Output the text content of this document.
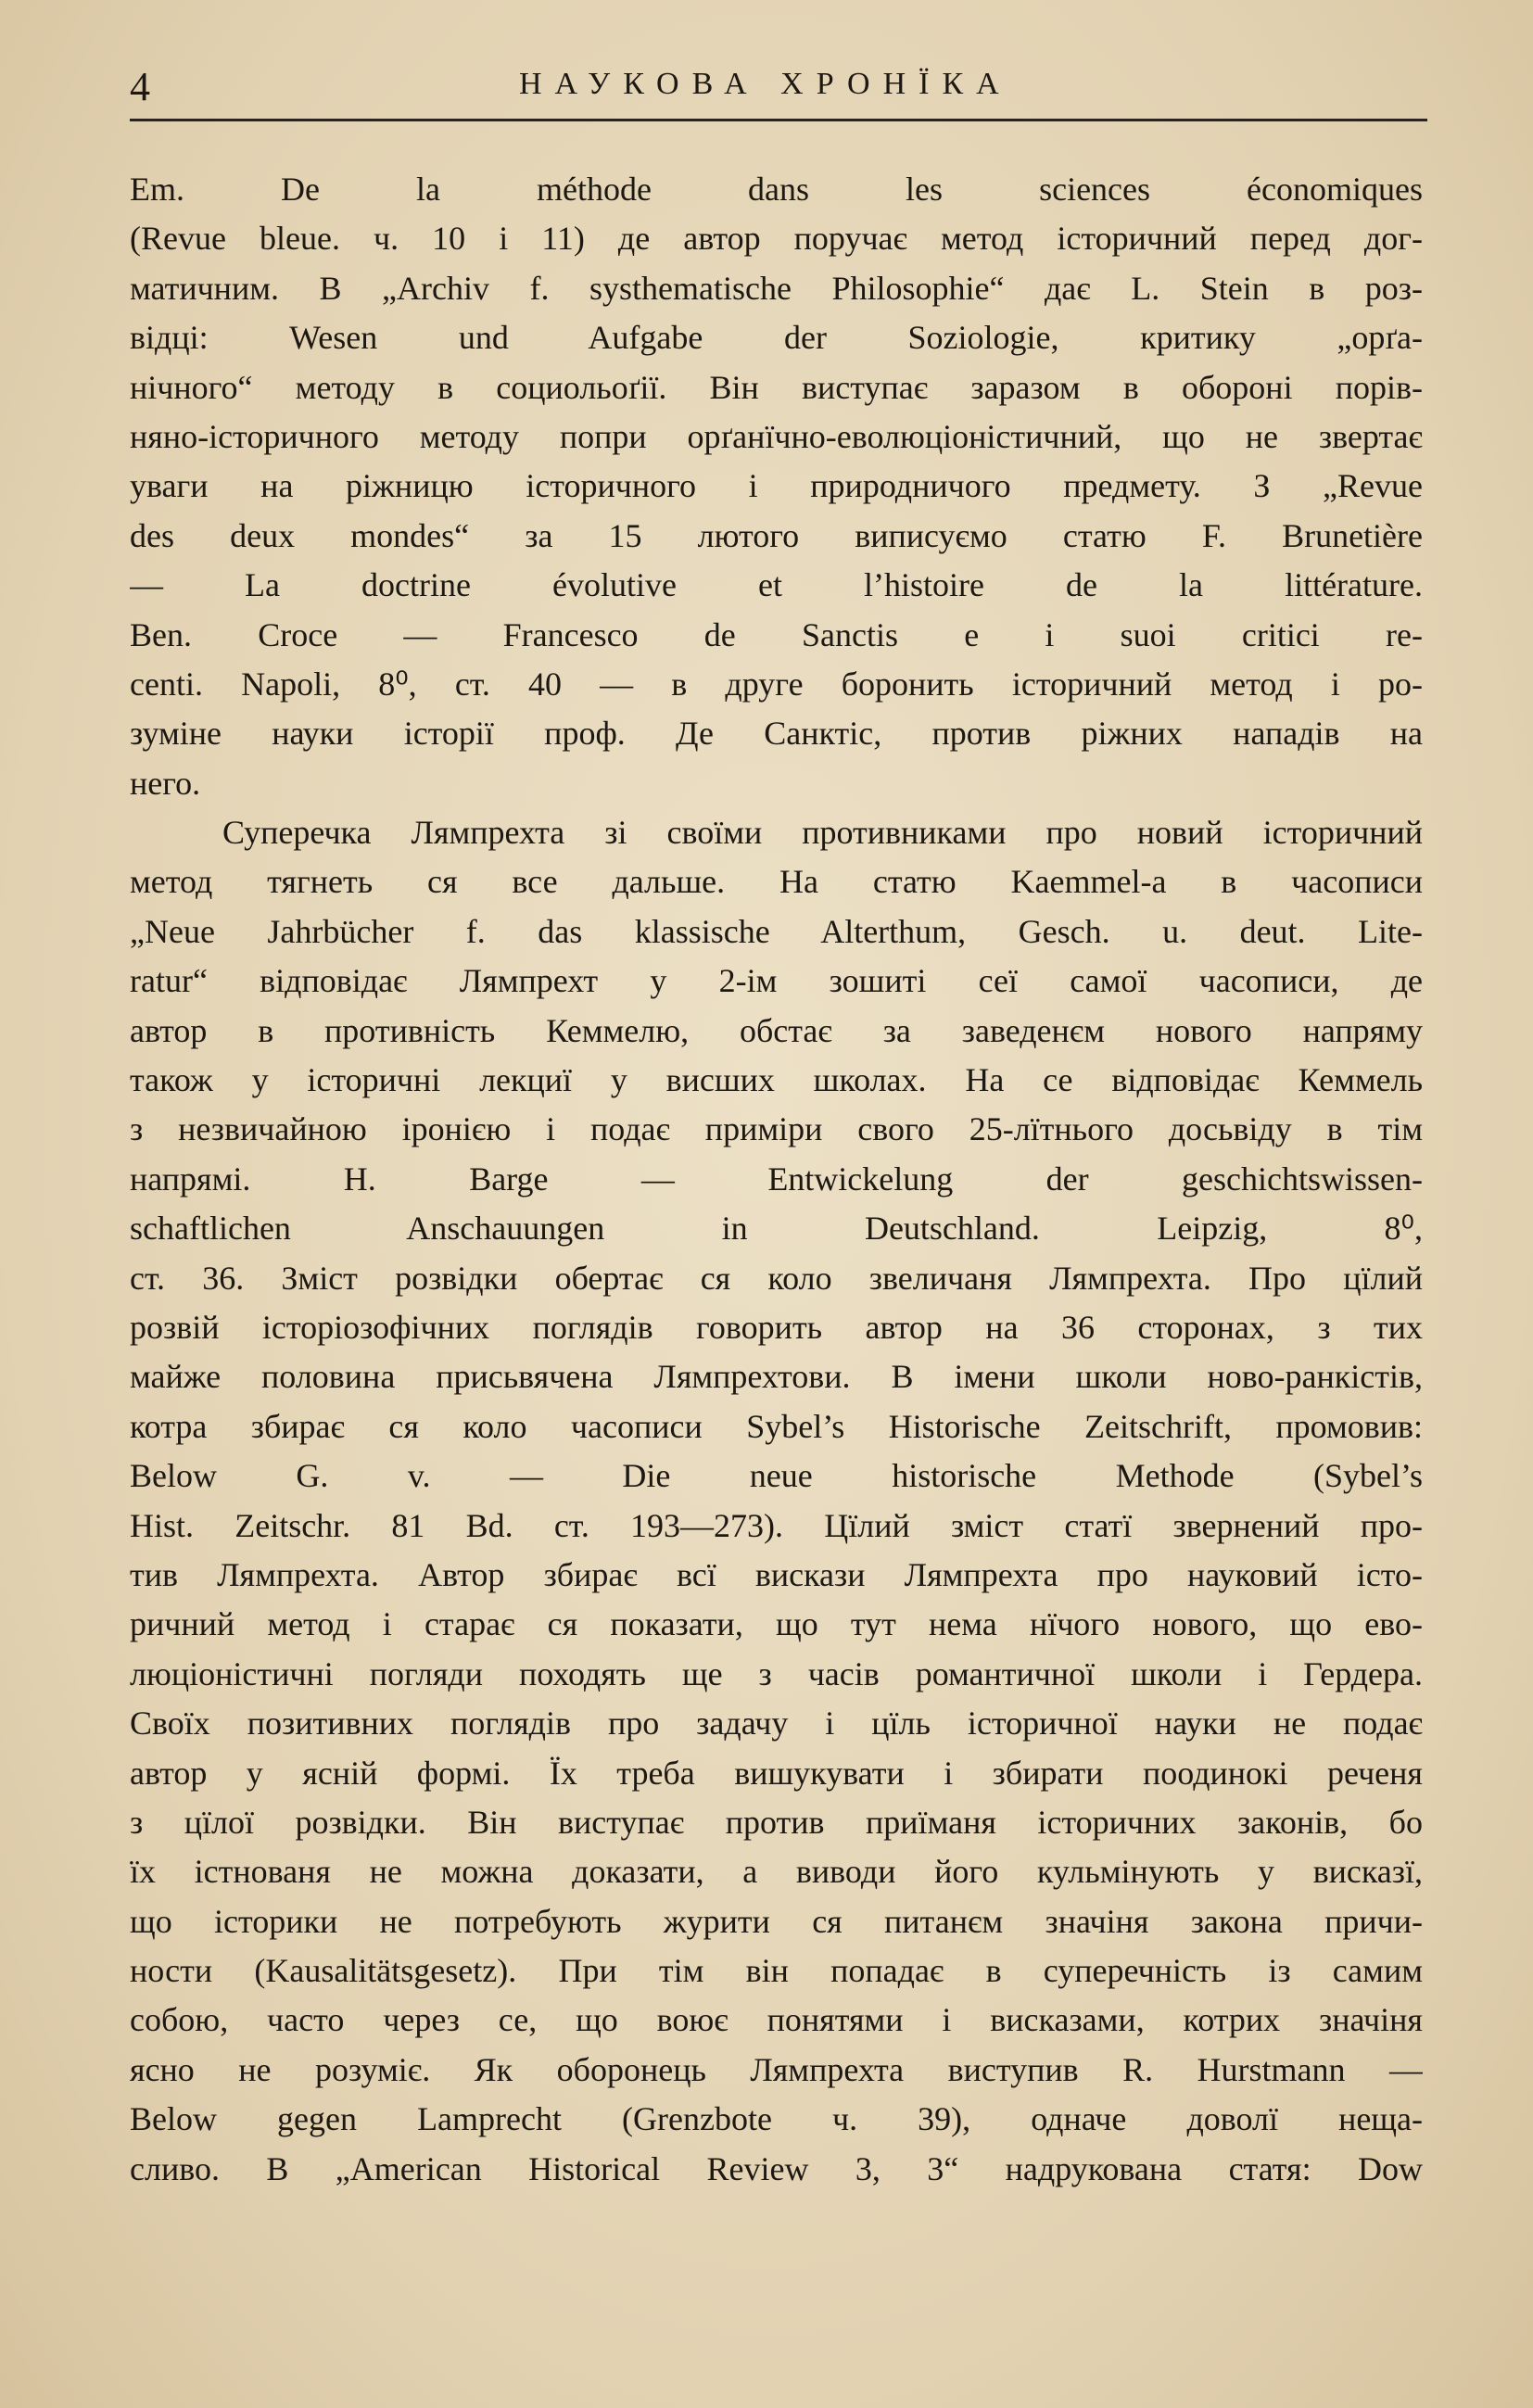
4	НАУКОВА ХРОНЇКА
Em. De la méthode dans les sciences économiques
(Revue bleue. ч. 10 і 11) де автор поручає метод історичний перед дог-
матичним. В „Archiv f. systhematische Philosophie“ дає L. Stein в роз-
відці: Wesen und Aufgabe der Soziologie, критику „орґа-
нічного“ методу в социольоґії. Він виступає заразом в обороні порів-
няно-історичного методу попри орґанїчно-еволюціоністичний, що не звертає
уваги на ріжницю історичного і природничого предмету. З „Revue
des deux mondes“ за 15 лютого виписуємо статю F. Brunetière
— La doctrine évolutive et l’histoire de la littérature.
Ben. Croce — Francesco de Sanctis e i suoi critici re-
centi. Napoli, 8⁰, ст. 40 — в друге боронить історичний метод і ро-
зуміне науки історії проф. Де Санктіс, против ріжних нападів на
него.
Суперечка Лямпрехта зі своїми противниками про новий історичний
метод тягнеть ся все дальше. На статю Kaemmel-a в часописи
„Neue Jahrbücher f. das klassische Alterthum, Gesch. u. deut. Lite-
ratur“ відповідає Лямпрехт у 2-ім зошиті сеї самої часописи, де
автор в противність Кеммелю, обстає за заведенєм нового напряму
також у історичні лекциї у висших школах. На се відповідає Кеммель
з незвичайною іронією і подає приміри свого 25-лїтнього досьвіду в тім
напрямі. H. Barge — Entwickelung der geschichtswissen-
schaftlichen Anschauungen in Deutschland. Leipzig, 8⁰,
ст. 36. Зміст розвідки обертає ся коло звеличаня Лямпрехта. Про цїлий
розвій історіозофічних поглядів говорить автор на 36 сторонах, з тих
майже половина присьвячена Лямпрехтови. В імени школи ново-ранкістів,
котра збирає ся коло часописи Sybel’s Historische Zeitschrift, промовив:
Below G. v. — Die neue historische Methode (Sybel’s
Hist. Zeitschr. 81 Bd. ст. 193—273). Цїлий зміст статї звернений про-
тив Лямпрехта. Автор збирає всї вискази Лямпрехта про науковий істо-
ричний метод і старає ся показати, що тут нема нїчого нового, що ево-
люціоністичні погляди походять ще з часів романтичної школи і Гердера.
Своїх позитивних поглядів про задачу і цїль історичної науки не подає
автор у ясній формі. Їх треба вишукувати і збирати поодинокі реченя
з цїлої розвідки. Він виступає против приїманя історичних законів, бо
їх істнованя не можна доказати, а виводи його кульмінують у висказї,
що історики не потребують журити ся питанєм значіня закона причи-
ности (Kausalitätsgesetz). При тім він попадає в суперечність із самим
собою, часто через се, що воює понятями і висказами, котрих значіня
ясно не розуміє. Як оборонець Лямпрехта виступив R. Hurstmann —
Below gegen Lamprecht (Grenzbote ч. 39), одначе доволї неща-
сливо. В „American Historical Review 3, 3“ надрукована статя: Dow
